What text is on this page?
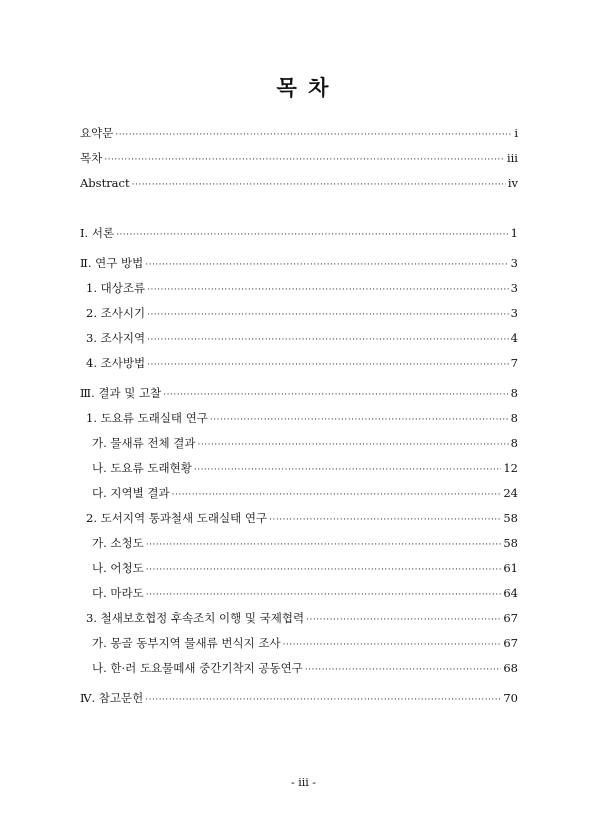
목 차
요약문 ·····	i
목차 ·····	iii
Abstract ·····	iv
Ⅰ. 서론 ·····	1
Ⅱ. 연구 방법 ·····	3
1. 대상조류 ·····	3
2. 조사시기 ·····	3
3. 조사지역 ·····	4
4. 조사방법 ·····	7
Ⅲ. 결과 및 고찰 ·····	8
1. 도요류 도래실태 연구 ·····	8
가. 물새류 전체 결과 ·····	8
나. 도요류 도래현황 ·····	12
다. 지역별 결과 ·····	24
2. 도서지역 통과철새 도래실태 연구 ·····	58
가. 소청도 ·····	58
나. 어청도 ·····	61
다. 마라도 ·····	64
3. 철새보호협정 후속조치 이행 및 국제협력 ·····	67
가. 몽골 동부지역 물새류 번식지 조사 ·····	67
나. 한·러 도요물떼새 중간기착지 공동연구 ·····	68
Ⅳ. 참고문헌 ·····	70
- iii -
